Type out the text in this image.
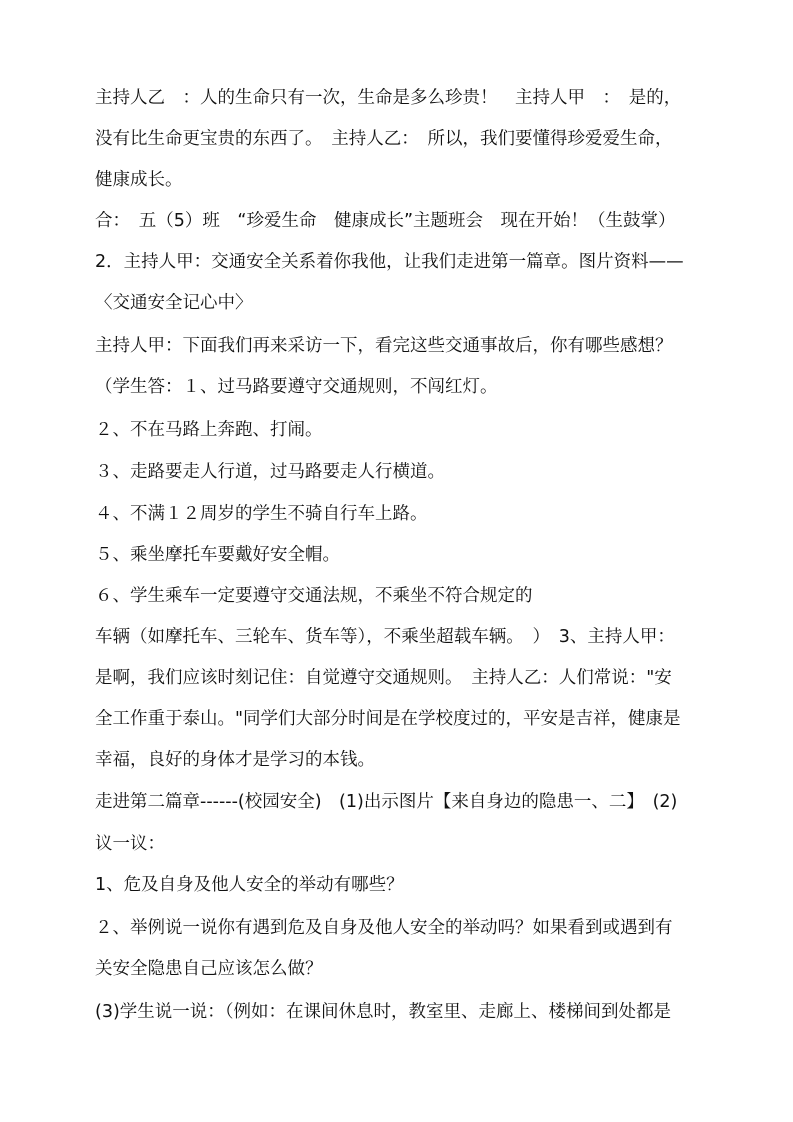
主持人乙　：人的生命只有一次，生命是多么珍贵！　主持人甲　：　是的，
没有比生命更宝贵的东西了。　主持人乙：　所以，我们要懂得珍爱爱生命，
健康成长。
合：　五（5）班　“珍爱生命　健康成长”主题班会　现在开始！（生鼓掌）
2．主持人甲：交通安全关系着你我他，让我们走进第一篇章。图片资料——
〈交通安全记心中〉
主持人甲：下面我们再来采访一下，看完这些交通事故后，你有哪些感想？
（学生答：１、过马路要遵守交通规则，不闯红灯。
２、不在马路上奔跑、打闹。
３、走路要走人行道，过马路要走人行横道。
４、不满１２周岁的学生不骑自行车上路。
５、乘坐摩托车要戴好安全帽。
６、学生乘车一定要遵守交通法规，不乘坐不符合规定的
车辆（如摩托车、三轮车、货车等），不乘坐超载车辆。　）　3、主持人甲：
是啊，我们应该时刻记住：自觉遵守交通规则。　主持人乙：人们常说："安
全工作重于泰山。"同学们大部分时间是在学校度过的，平安是吉祥，健康是
幸福，良好的身体才是学习的本钱。
走进第二篇章------(校园安全)　(1)出示图片【来自身边的隐患一、二】　(2)
议一议：
1、危及自身及他人安全的举动有哪些？
２、举例说一说你有遇到危及自身及他人安全的举动吗？如果看到或遇到有
关安全隐患自己应该怎么做？
(3)学生说一说：（例如：在课间休息时，教室里、走廊上、楼梯间到处都是
